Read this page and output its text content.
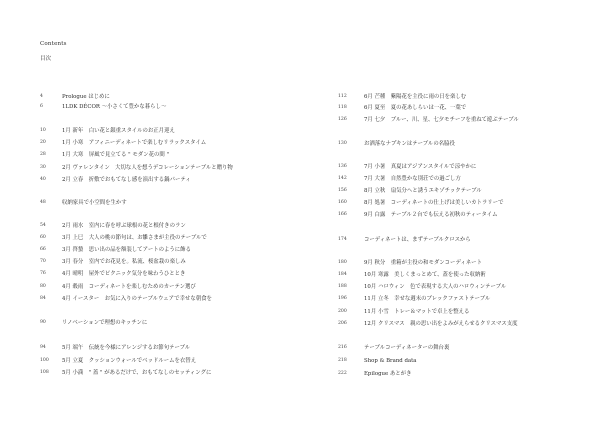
Contents
目次
4	Prologue はじめに
6	1LDK DÉCOR ～小さくて豊かな暮らし～
10	1月 新年　白い花と銀重スタイルのお正月迎え
20	1月 小寒　アフィニーディネートで楽しむリラックスタイム
28	1月 大寒　屏風で見立てる " モダン花の間 "
30	2月 ヴァレンタイン　大切な人を想うデコレーションテーブルと贈り物
40	2月 立春　折敷でおもてなし感を演出する鍋パーティ
48	収納家具で小空間を生かす
54	2月 雨水　室内に春を呼ぶ球根の花と根付きのラン
60	3月 上巳　大人の桃の節句は、お雛さまが主役のテーブルで
66	3月 啓蟄　思い出の品を額装してアートのように飾る
70	3月 春分　室内でお花見を。私流、桜盆栽の楽しみ
76	4月 晴明　屋外でピクニック気分を味わうひととき
80	4月 穀雨　コーディネートを楽しむためのカーテン選び
84	4月 イースター　お気に入りのテーブルウェアで幸せな朝食を
90	リノベーションで理想のキッチンに
94	5月 端午　伝統を今様にアレンジするお節句テーブル
100	5月 立夏　クッションウォールでベッドルームを衣替え
108	5月 小満　" 蓋 " があるだけで、おもてなしのセッティングに
112	6月 芒種　紫陽花を主役に雨の日を楽しむ
118	6月 夏至　夏の花あしらいは一花、一葉で
126	7月 七夕　ブルー、川、星、七夕モチーフを重ねて遊ぶテーブル
130	お洒落なナプキンはテーブルの名脇役
136	7月 小暑　真夏はアジアンスタイルで涼やかに
142	7月 大暑　自然豊かな別荘での過ごし方
156	8月 立秋　扇気分へと誘うエキゾチックテーブル
160	8月 処暑　コーディネートの仕上げは美しいカトラリーで
166	9月 白露　テーブル２台でも伝える初秋のティータイム
174	コーディネートは、まずテーブルクロスから
180	9月 秋分　重箱が主役の和モダンコーディネート
184	10月 寒露　美しくまっとめて、蓋を使った収納術
188	10月 ハロウィン　色で表現する大人のハロウィンテーブル
196	11月 立冬　幸せな週末のブレックファストテーブル
200	11月 小雪　トレー＆マットで卓上を整える
206	12月 クリスマス　親の思い出をよみがえらせるクリスマス支度
216	テーブルコーディネーターの舞台裏
218	Shop & Brand data
222	Epilogue あとがき
